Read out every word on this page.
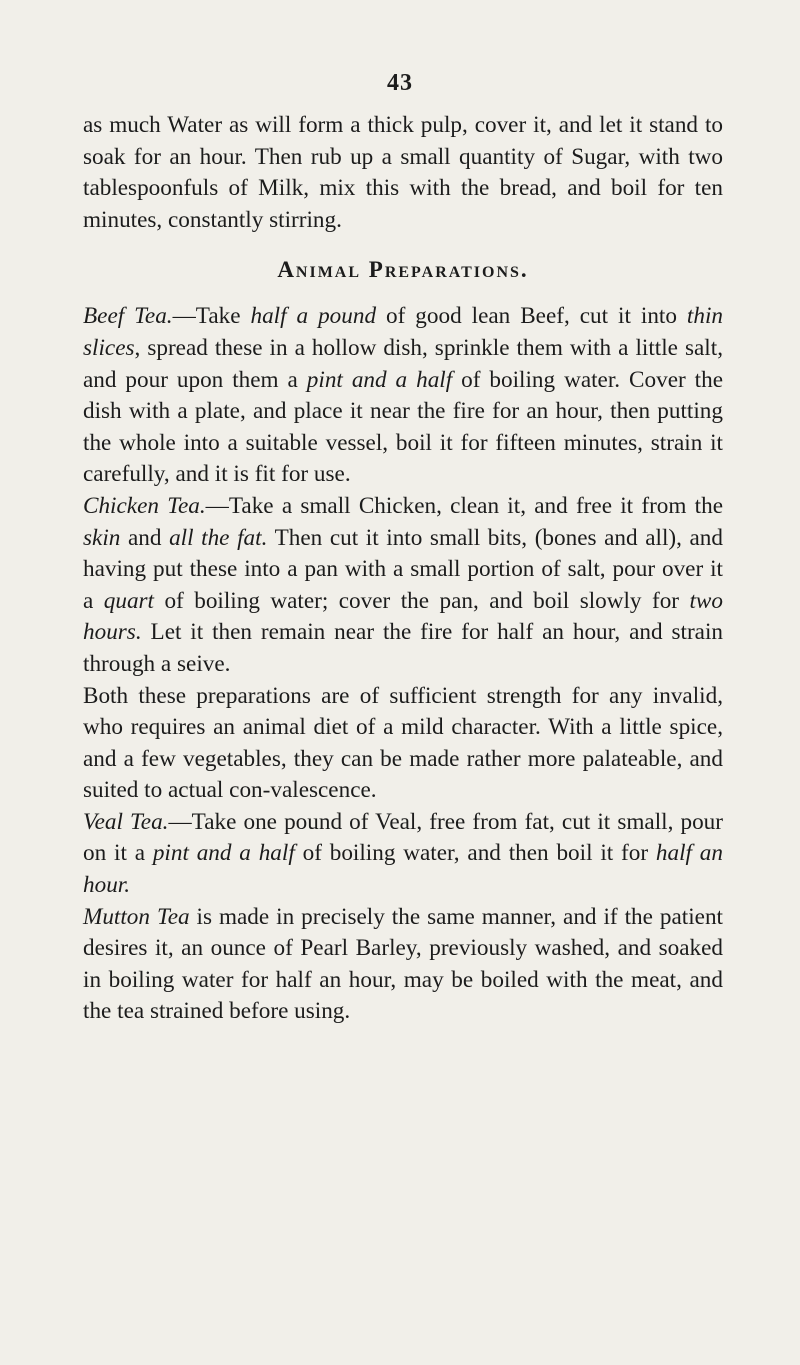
43

as much Water as will form a thick pulp, cover it, and let it stand to soak for an hour. Then rub up a small quantity of Sugar, with two tablespoonfuls of Milk, mix this with the bread, and boil for ten minutes, constantly stirring.

Animal Preparations.

Beef Tea.—Take half a pound of good lean Beef, cut it into thin slices, spread these in a hollow dish, sprinkle them with a little salt, and pour upon them a pint and a half of boiling water. Cover the dish with a plate, and place it near the fire for an hour, then putting the whole into a suitable vessel, boil it for fifteen minutes, strain it carefully, and it is fit for use.

Chicken Tea.—Take a small Chicken, clean it, and free it from the skin and all the fat. Then cut it into small bits, (bones and all), and having put these into a pan with a small portion of salt, pour over it a quart of boiling water; cover the pan, and boil slowly for two hours. Let it then remain near the fire for half an hour, and strain through a seive.

Both these preparations are of sufficient strength for any invalid, who requires an animal diet of a mild character. With a little spice, and a few vegetables, they can be made rather more palateable, and suited to actual con-valescence.

Veal Tea.—Take one pound of Veal, free from fat, cut it small, pour on it a pint and a half of boiling water, and then boil it for half an hour.

Mutton Tea is made in precisely the same manner, and if the patient desires it, an ounce of Pearl Barley, previously washed, and soaked in boiling water for half an hour, may be boiled with the meat, and the tea strained before using.
